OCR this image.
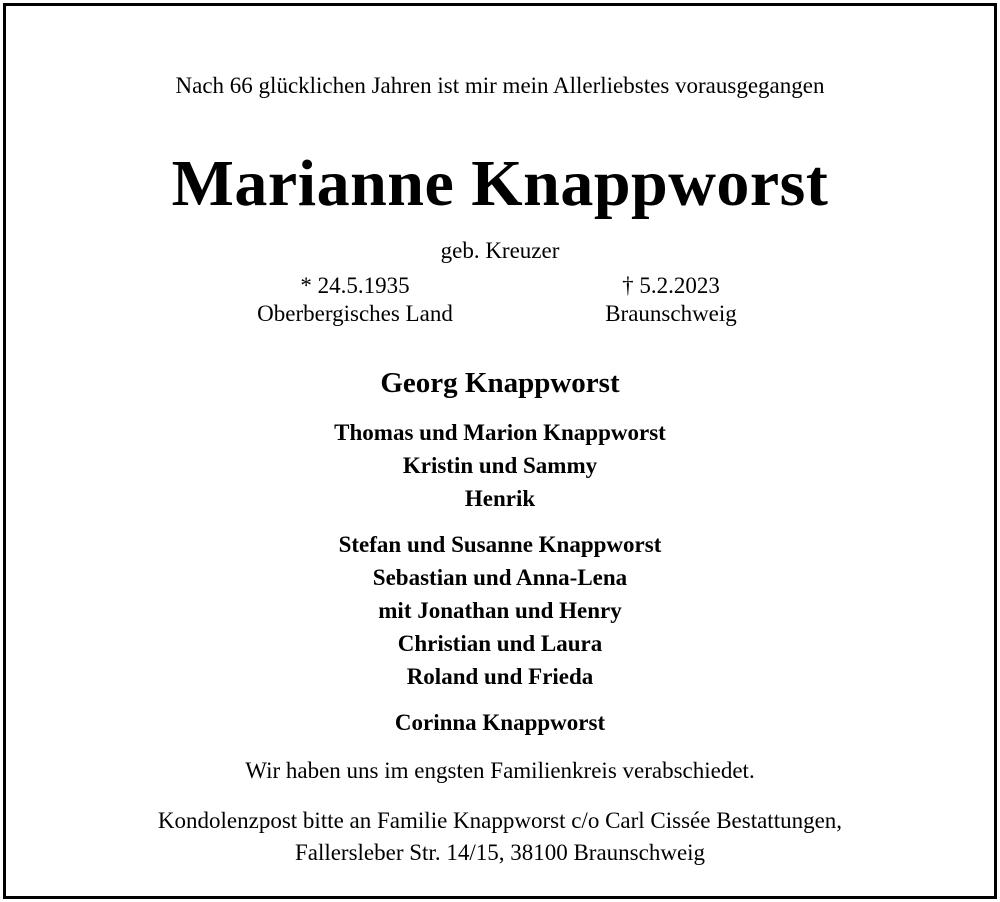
Nach 66 glücklichen Jahren ist mir mein Allerliebstes vorausgegangen
Marianne Knappworst
geb. Kreuzer
* 24.5.1935
Oberbergisches Land
† 5.2.2023
Braunschweig
Georg Knappworst
Thomas und Marion Knappworst
Kristin und Sammy
Henrik
Stefan und Susanne Knappworst
Sebastian und Anna-Lena
mit Jonathan und Henry
Christian und Laura
Roland und Frieda
Corinna Knappworst
Wir haben uns im engsten Familienkreis verabschiedet.
Kondolenzpost bitte an Familie Knappworst c/o Carl Cissée Bestattungen,
Fallersleber Str. 14/15, 38100 Braunschweig
